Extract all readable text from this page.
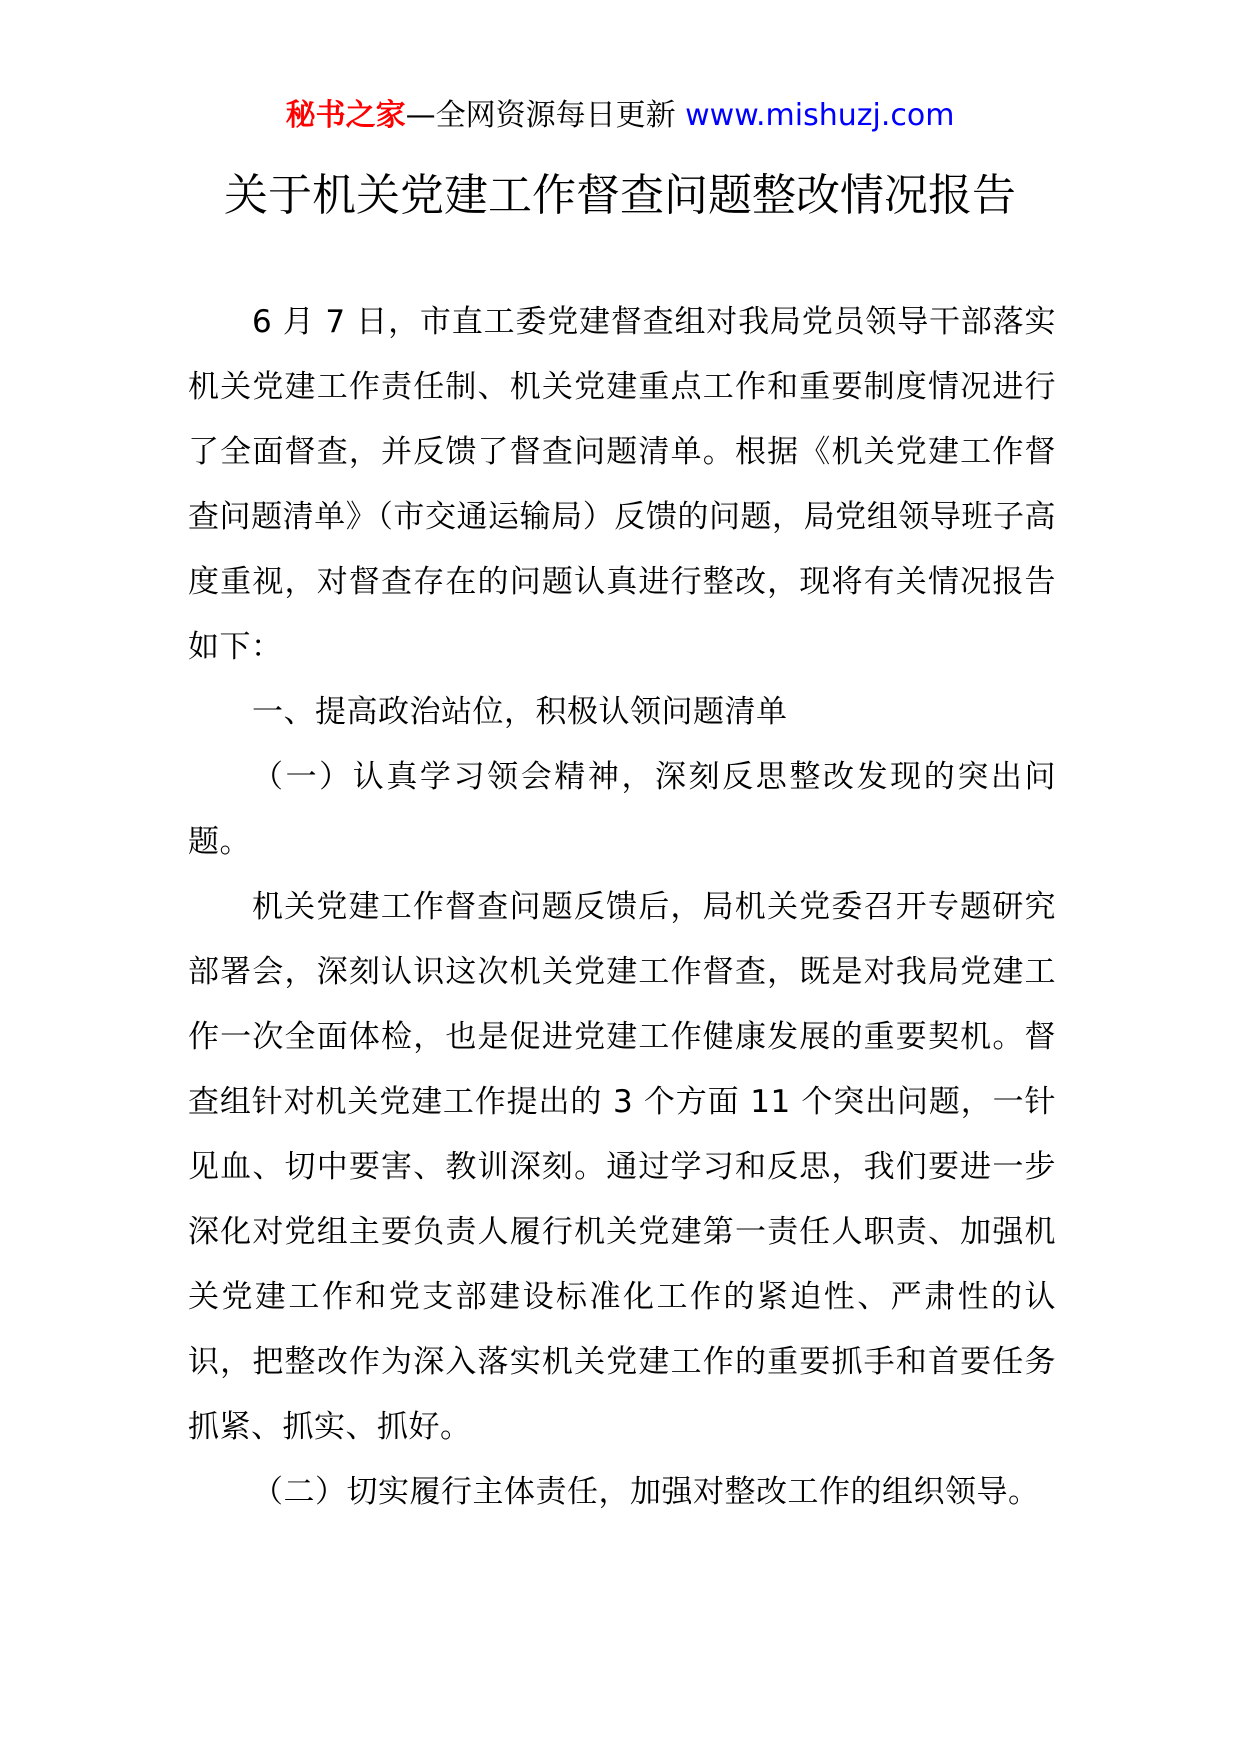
秘书之家—全网资源每日更新 www.mishuzj.com
关于机关党建工作督查问题整改情况报告

6 月 7 日，市直工委党建督查组对我局党员领导干部落实机关党建工作责任制、机关党建重点工作和重要制度情况进行了全面督查，并反馈了督查问题清单。根据《机关党建工作督查问题清单》（市交通运输局）反馈的问题，局党组领导班子高度重视，对督查存在的问题认真进行整改，现将有关情况报告如下：

一、提高政治站位，积极认领问题清单

（一）认真学习领会精神，深刻反思整改发现的突出问题。

机关党建工作督查问题反馈后，局机关党委召开专题研究部署会，深刻认识这次机关党建工作督查，既是对我局党建工作一次全面体检，也是促进党建工作健康发展的重要契机。督查组针对机关党建工作提出的 3 个方面 11 个突出问题，一针见血、切中要害、教训深刻。通过学习和反思，我们要进一步深化对党组主要负责人履行机关党建第一责任人职责、加强机关党建工作和党支部建设标准化工作的紧迫性、严肃性的认识，把整改作为深入落实机关党建工作的重要抓手和首要任务抓紧、抓实、抓好。

（二）切实履行主体责任，加强对整改工作的组织领导。
